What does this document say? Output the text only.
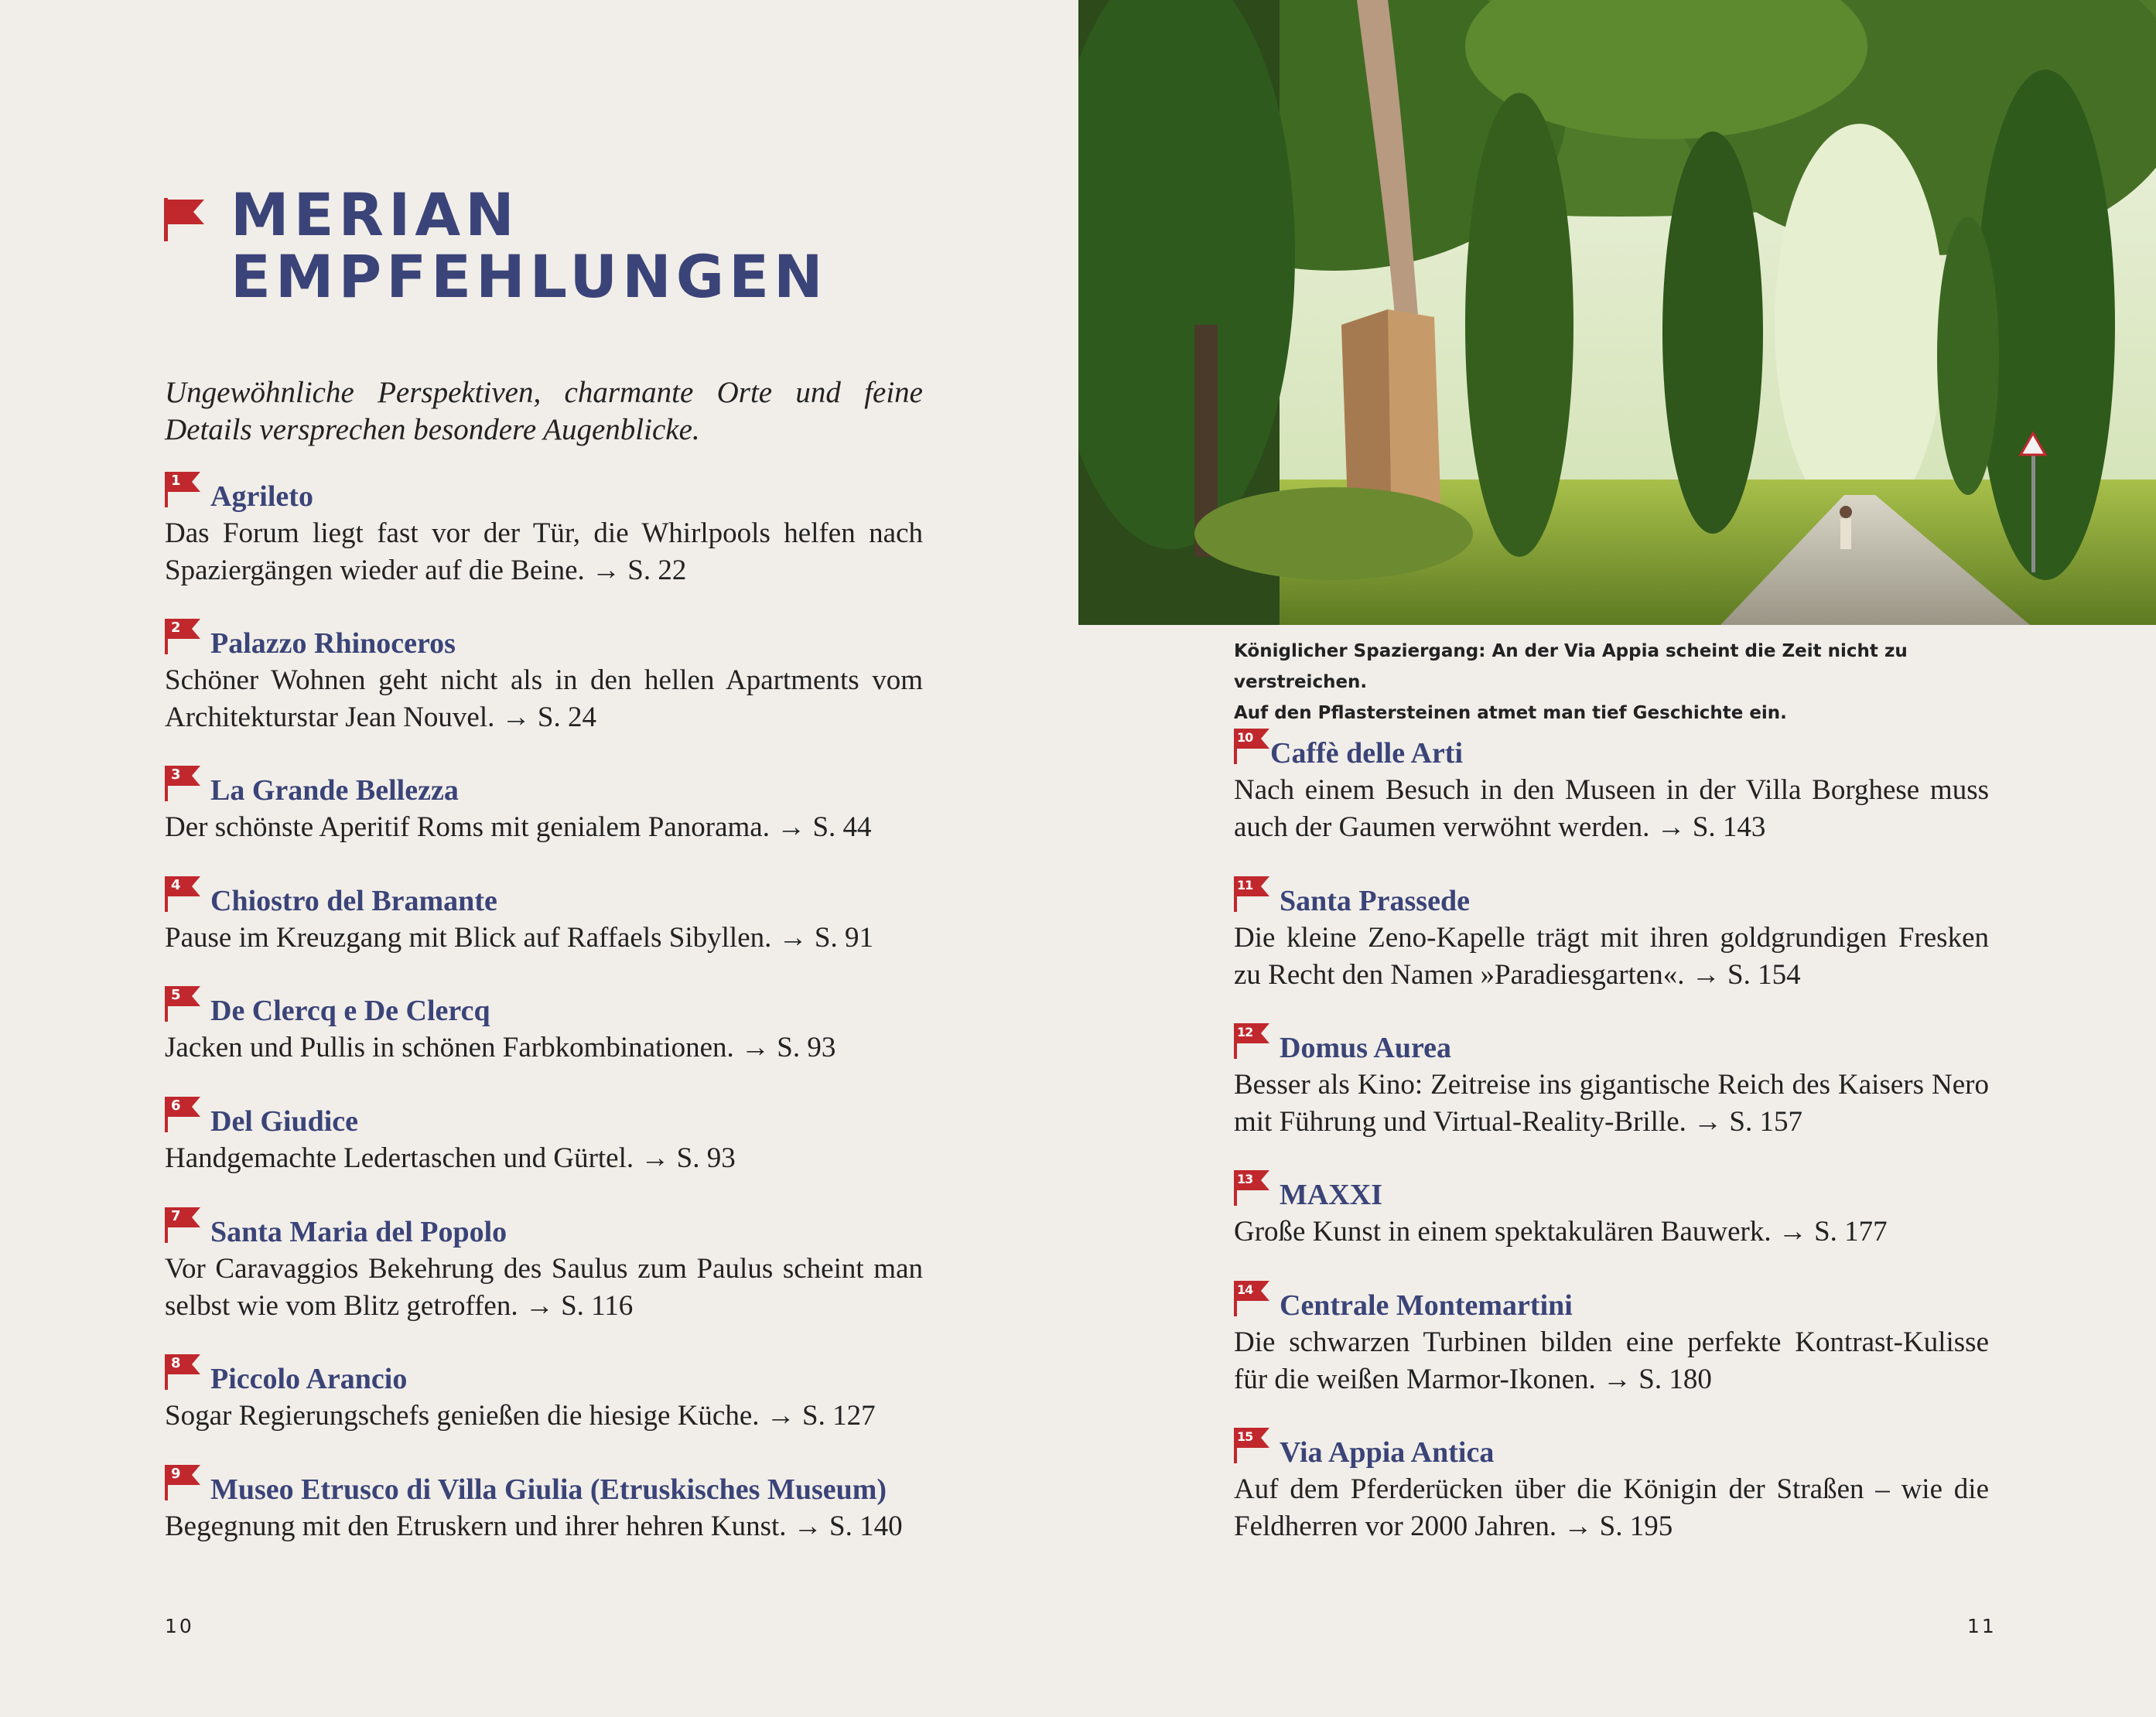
MERIAN
EMPFEHLUNGEN

Ungewöhnliche Perspektiven, charmante Orte und feine Details versprechen besondere Augenblicke.

1 Agrileto

Das Forum liegt fast vor der Tür, die Whirlpools helfen nach Spaziergängen wieder auf die Beine. → S. 22

2 Palazzo Rhinoceros

Schöner Wohnen geht nicht als in den hellen Apartments vom Architekturstar Jean Nouvel. → S. 24

3 La Grande Bellezza

Der schönste Aperitif Roms mit genialem Panorama. → S. 44

4 Chiostro del Bramante

Pause im Kreuzgang mit Blick auf Raffaels Sibyllen. → S. 91

5 De Clercq e De Clercq

Jacken und Pullis in schönen Farbkombinationen. → S. 93

6 Del Giudice

Handgemachte Ledertaschen und Gürtel. → S. 93

7 Santa Maria del Popolo

Vor Caravaggios Bekehrung des Saulus zum Paulus scheint man selbst wie vom Blitz getroffen. → S. 116

8 Piccolo Arancio

Sogar Regierungschefs genießen die hiesige Küche. → S. 127

9 Museo Etrusco di Villa Giulia (Etruskisches Museum)

Begegnung mit den Etruskern und ihrer hehren Kunst. → S. 140

10

Königlicher Spaziergang: An der Via Appia scheint die Zeit nicht zu verstreichen.
Auf den Pflastersteinen atmet man tief Geschichte ein.

10 Caffè delle Arti

Nach einem Besuch in den Museen in der Villa Borghese muss auch der Gaumen verwöhnt werden. → S. 143

11 Santa Prassede

Die kleine Zeno-Kapelle trägt mit ihren goldgrundigen Fresken zu Recht den Namen »Paradiesgarten«. → S. 154

12 Domus Aurea

Besser als Kino: Zeitreise ins gigantische Reich des Kaisers Nero mit Führung und Virtual-Reality-Brille. → S. 157

13 MAXXI

Große Kunst in einem spektakulären Bauwerk. → S. 177

14 Centrale Montemartini

Die schwarzen Turbinen bilden eine perfekte Kontrast-Kulisse für die weißen Marmor-Ikonen. → S. 180

15 Via Appia Antica

Auf dem Pferderücken über die Königin der Straßen – wie die Feldherren vor 2000 Jahren. → S. 195

11
